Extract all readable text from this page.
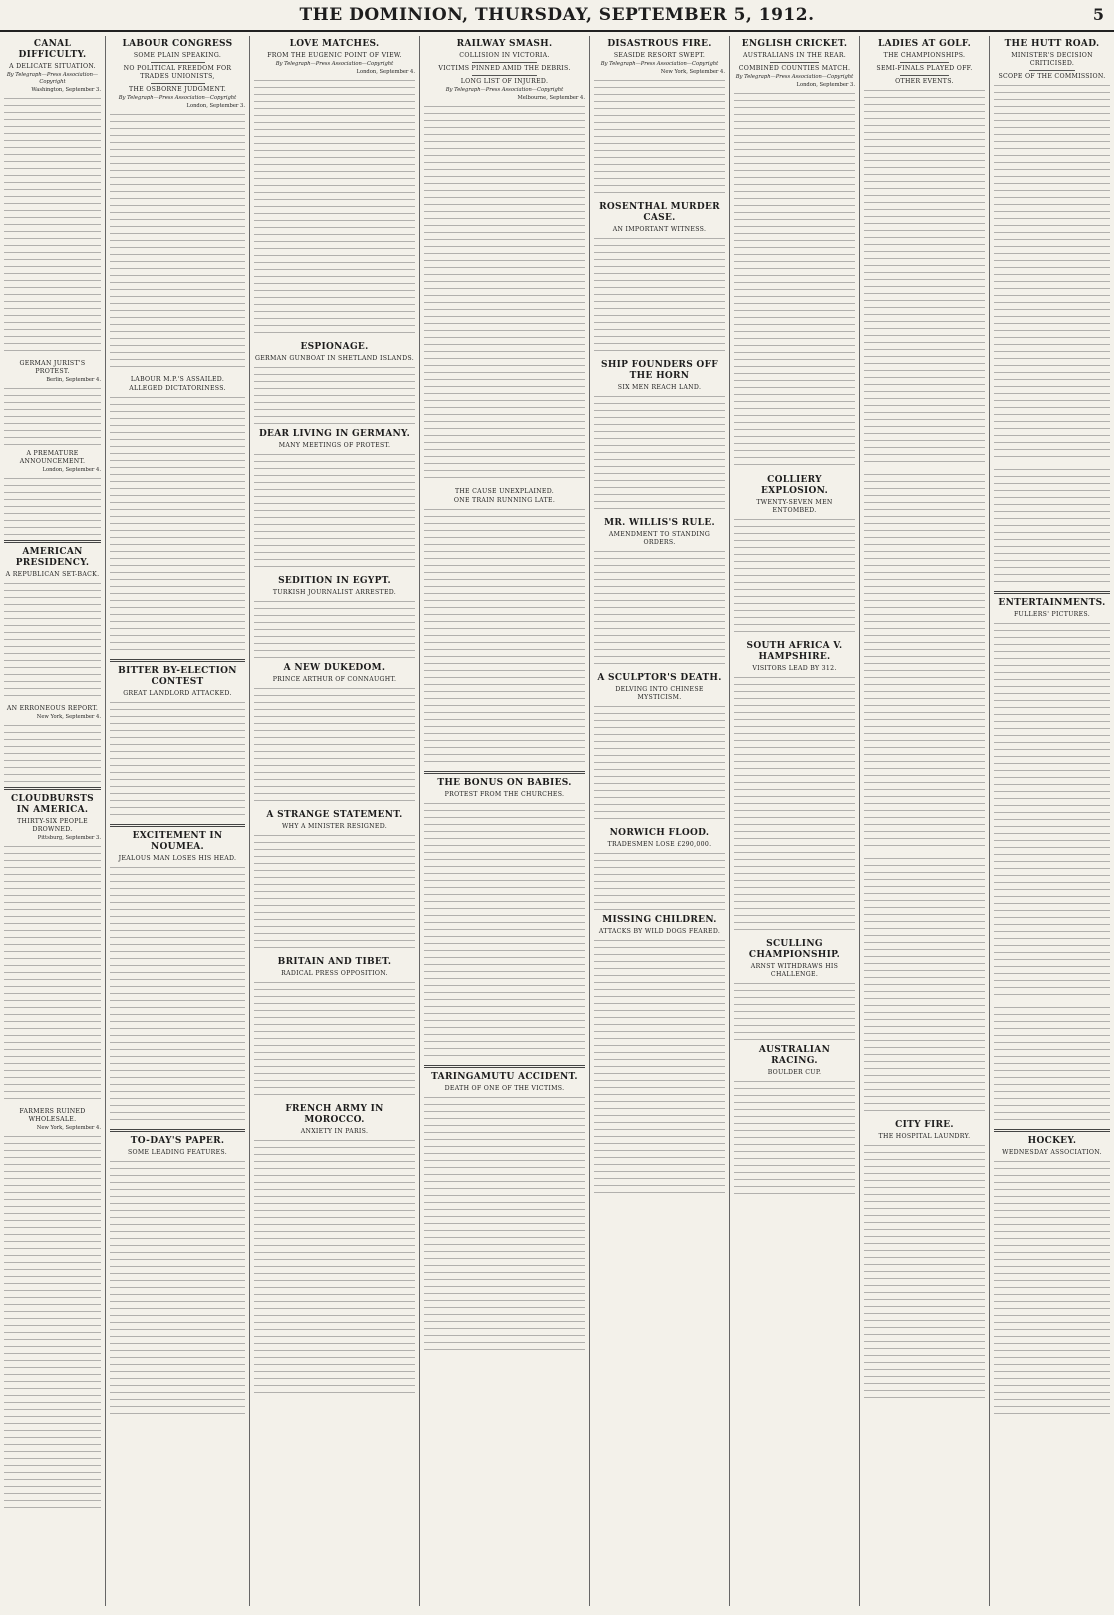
THE DOMINION, THURSDAY, SEPTEMBER 5, 1912.	5
CANAL DIFFICULTY.
A DELICATE SITUATION.
By Telegraph—Press Association—Copyright
Washington, September 3.
GERMAN JURIST'S PROTEST.
Berlin, September 4.
A PREMATURE ANNOUNCEMENT.
London, September 4.
AMERICAN PRESIDENCY.
A REPUBLICAN SET-BACK.
AN ERRONEOUS REPORT.
New York, September 4.
CLOUDBURSTS IN AMERICA.
THIRTY-SIX PEOPLE DROWNED.
Pittsburg, September 3.
FARMERS RUINED WHOLESALE.
New York, September 4.
LABOUR CONGRESS
SOME PLAIN SPEAKING.
NO POLITICAL FREEDOM FOR TRADES UNIONISTS,
THE OSBORNE JUDGMENT.
By Telegraph—Press Association—Copyright
London, September 3.
LABOUR M.P.'S ASSAILED.
ALLEGED DICTATORINESS.
BITTER BY-ELECTION CONTEST
GREAT LANDLORD ATTACKED.
EXCITEMENT IN NOUMEA.
JEALOUS MAN LOSES HIS HEAD.
TO-DAY'S PAPER.
SOME LEADING FEATURES.
LOVE MATCHES.
FROM THE EUGENIC POINT OF VIEW.
By Telegraph—Press Association—Copyright
London, September 4.
ESPIONAGE.
GERMAN GUNBOAT IN SHETLAND ISLANDS.
DEAR LIVING IN GERMANY.
MANY MEETINGS OF PROTEST.
SEDITION IN EGYPT.
TURKISH JOURNALIST ARRESTED.
A NEW DUKEDOM.
PRINCE ARTHUR OF CONNAUGHT.
A STRANGE STATEMENT.
WHY A MINISTER RESIGNED.
BRITAIN AND TIBET.
RADICAL PRESS OPPOSITION.
FRENCH ARMY IN MOROCCO.
ANXIETY IN PARIS.
RAILWAY SMASH.
COLLISION IN VICTORIA.
VICTIMS PINNED AMID THE DEBRIS.
LONG LIST OF INJURED.
By Telegraph—Press Association—Copyright
Melbourne, September 4.
THE CAUSE UNEXPLAINED.
ONE TRAIN RUNNING LATE.
THE BONUS ON BABIES.
PROTEST FROM THE CHURCHES.
TARINGAMUTU ACCIDENT.
DEATH OF ONE OF THE VICTIMS.
DISASTROUS FIRE.
SEASIDE RESORT SWEPT.
By Telegraph—Press Association—Copyright
New York, September 4.
ROSENTHAL MURDER CASE.
AN IMPORTANT WITNESS.
SHIP FOUNDERS OFF THE HORN
SIX MEN REACH LAND.
MR. WILLIS'S RULE.
AMENDMENT TO STANDING ORDERS.
A SCULPTOR'S DEATH.
DELVING INTO CHINESE MYSTICISM.
NORWICH FLOOD.
TRADESMEN LOSE £290,000.
MISSING CHILDREN.
ATTACKS BY WILD DOGS FEARED.
ENGLISH CRICKET.
AUSTRALIANS IN THE REAR.
COMBINED COUNTIES MATCH.
By Telegraph—Press Association—Copyright
London, September 3.
COLLIERY EXPLOSION.
TWENTY-SEVEN MEN ENTOMBED.
SOUTH AFRICA V. HAMPSHIRE.
VISITORS LEAD BY 312.
SCULLING CHAMPIONSHIP.
ARNST WITHDRAWS HIS CHALLENGE.
AUSTRALIAN RACING.
BOULDER CUP.
LADIES AT GOLF.
THE CHAMPIONSHIPS.
SEMI-FINALS PLAYED OFF.
OTHER EVENTS.
CITY FIRE.
THE HOSPITAL LAUNDRY.
THE HUTT ROAD.
MINISTER'S DECISION CRITICISED.
SCOPE OF THE COMMISSION.
ENTERTAINMENTS.
FULLERS' PICTURES.
HOCKEY.
WEDNESDAY ASSOCIATION.
